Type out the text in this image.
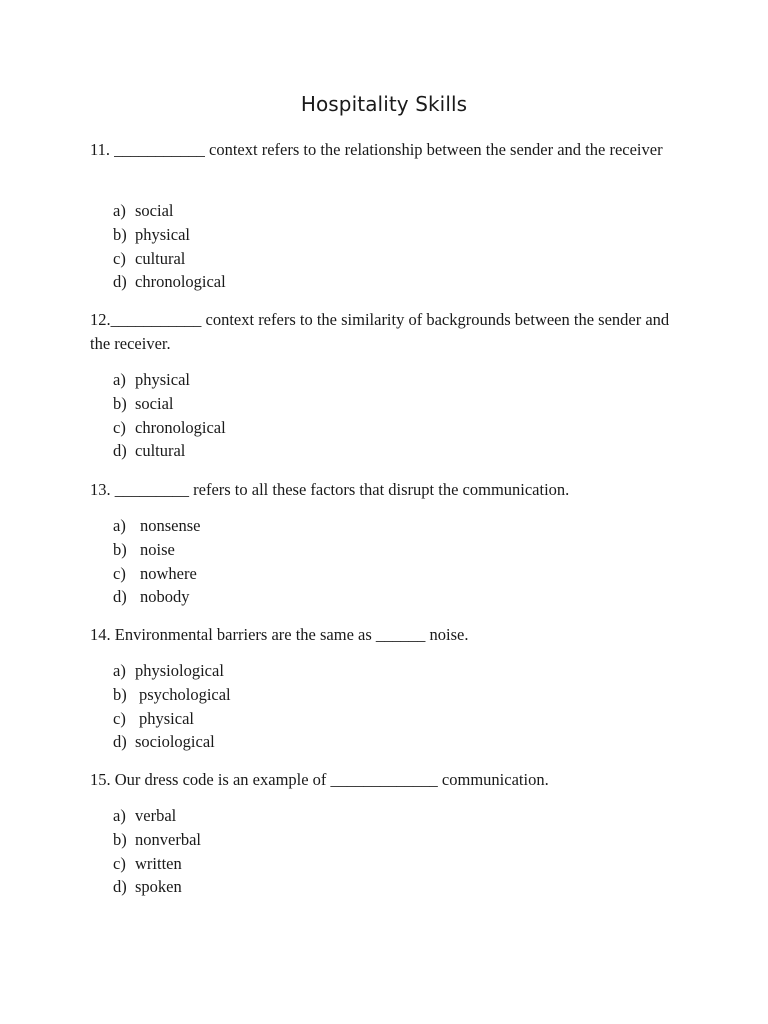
Hospitality Skills
11. ___________ context refers to the relationship between the sender and the receiver
a) social
b) physical
c) cultural
d) chronological
12.___________ context refers to the similarity of backgrounds between the sender and the receiver.
a) physical
b) social
c) chronological
d) cultural
13. _________ refers to all these factors that disrupt the communication.
a) nonsense
b) noise
c) nowhere
d) nobody
14. Environmental barriers are the same as ______ noise.
a) physiological
b) psychological
c) physical
d) sociological
15. Our dress code is an example of _____________ communication.
a) verbal
b) nonverbal
c) written
d) spoken
